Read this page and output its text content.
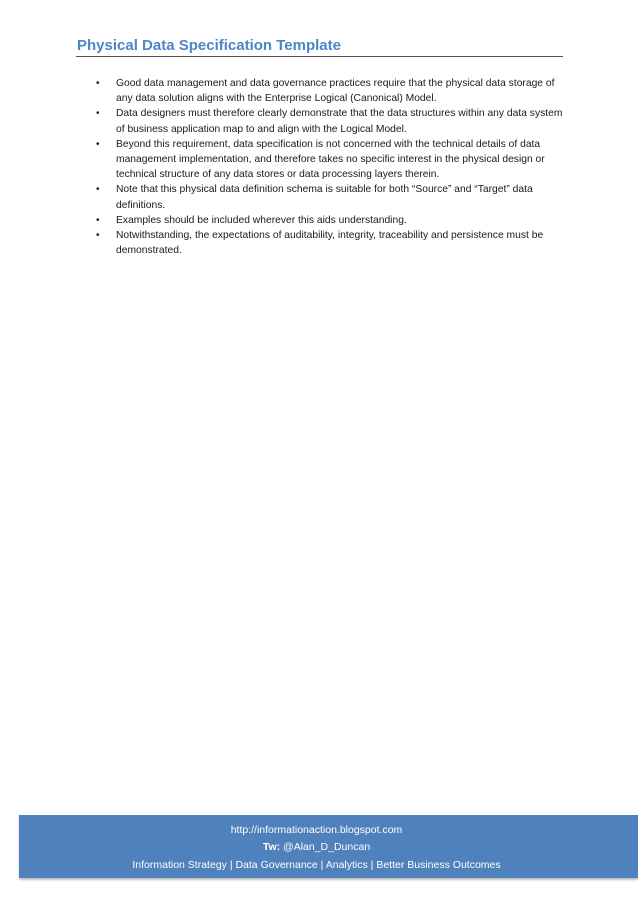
Physical Data Specification Template
• Good data management and data governance practices require that the physical data storage of any data solution aligns with the Enterprise Logical (Canonical) Model.
• Data designers must therefore clearly demonstrate that the data structures within any data system of business application map to and align with the Logical Model.
• Beyond this requirement, data specification is not concerned with the technical details of data management implementation, and therefore takes no specific interest in the physical design or technical structure of any data stores or data processing layers therein.
• Note that this physical data definition schema is suitable for both “Source” and “Target” data definitions.
• Examples should be included wherever this aids understanding.
• Notwithstanding, the expectations of auditability, integrity, traceability and persistence must be demonstrated.
http://informationaction.blogspot.com
Tw: @Alan_D_Duncan
Information Strategy | Data Governance | Analytics | Better Business Outcomes
